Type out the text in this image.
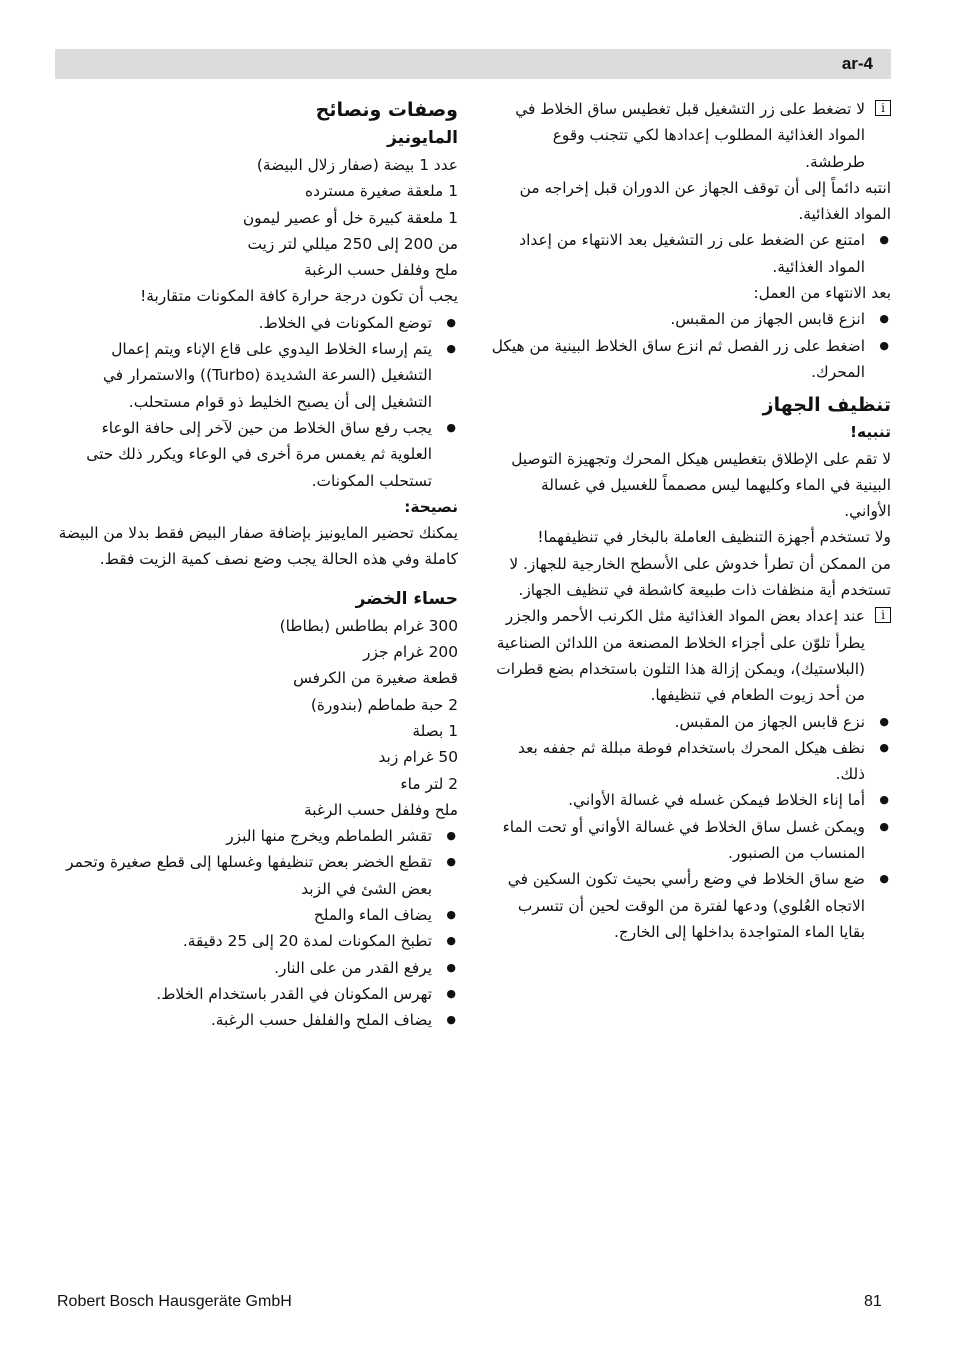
ar-4
i

لا تضغط على زر التشغيل قبل تغطيس ساق الخلاط في المواد الغذائية المطلوب إعدادها لكي تتجنب وقوع طرطشة.

انتبه دائماً إلى أن توقف الجهاز عن الدوران قبل إخراجه من المواد الغذائية.

● امتنع عن الضغط على زر التشغيل بعد الانتهاء من إعداد المواد الغذائية.

بعد الانتهاء من العمل:

● انزع قابس الجهاز من المقبس.
● اضغط على زر الفصل ثم انزع ساق الخلاط البينية من هيكل المحرك.
تنظيف الجهاز
تنبيه!

لا تقم على الإطلاق بتغطيس هيكل المحرك وتجهيزة التوصيل البينية في الماء وكليهما ليس مصمماً للغسيل في غسالة الأواني.

ولا تستخدم أجهزة التنظيف العاملة بالبخار في تنظيفهما!

من الممكن أن تطرأ خدوش على الأسطح الخارجية للجهاز. لا تستخدم أية منظفات ذات طبيعة كاشطة في تنظيف الجهاز.

i

عند إعداد بعض المواد الغذائية مثل الكرنب الأحمر والجزر يطرأ تلوّن على أجزاء الخلاط المصنعة من اللدائن الصناعية (البلاستيك)، ويمكن إزالة هذا التلون باستخدام بضع قطرات من أحد زيوت الطعام في تنظيفها.

● نزع قابس الجهاز من المقبس.
● نظف هيكل المحرك باستخدام فوطة مبللة ثم جففه بعد ذلك.
● أما إناء الخلاط فيمكن غسله في غسالة الأواني.
● ويمكن غسل ساق الخلاط في غسالة الأواني أو تحت الماء المنساب من الصنبور.
● ضع ساق الخلاط في وضع رأسي بحيث تكون السكين في الاتجاه العُلوي) ودعها لفترة من الوقت لحين أن تتسرب بقايا الماء المتواجدة بداخلها إلى الخارج.
وصفات ونصائح
المايونيز

عدد 1 بيضة (صفار زلال البيضة)

1 ملعقة صغيرة مسترده

1 ملعقة كبيرة خل أو عصير ليمون

من 200 إلى 250 ميللي لتر زيت

ملح وفلفل حسب الرغبة

يجب أن تكون درجة حرارة كافة المكونات متقاربة!

● توضع المكونات في الخلاط.
● يتم إرساء الخلاط اليدوي على قاع الإناء ويتم إعمال التشغيل (السرعة الشديدة (Turbo)) والاستمرار في التشغيل إلى أن يصبح الخليط ذو قوام مستحلب.
● يجب رفع ساق الخلاط من حين لآخر إلى حافة الوعاء العلوية ثم يغمس مرة أخرى في الوعاء ويكرر ذلك حتى تستحلب المكونات.
نصيحة:

يمكنك تحضير المايونيز بإضافة صفار البيض فقط بدلا من البيضة كاملة وفي هذه الحالة يجب وضع نصف كمية الزيت فقط.

حساء الخضر

300 غرام بطاطس (بطاطا)

200 غرام جزر

قطعة صغيرة من الكرفس

2 حبة طماطم (بندورة)

1 بصلة

50 غرام زبد

2 لتر ماء

ملح وفلفل حسب الرغبة

● تقشر الطماطم ويخرج منها البزر
● تقطع الخضر بعض تنظيفها وغسلها إلى قطع صغيرة وتحمر بعض الشئ في الزبد
● يضاف الماء والملح
● تطبخ المكونات لمدة 20 إلى 25 دقيقة.
● يرفع القدر من على النار.
● تهرس المكونان في القدر باستخدام الخلاط.
● يضاف الملح والفلفل حسب الرغبة.
Robert Bosch Hausgeräte GmbH	81
